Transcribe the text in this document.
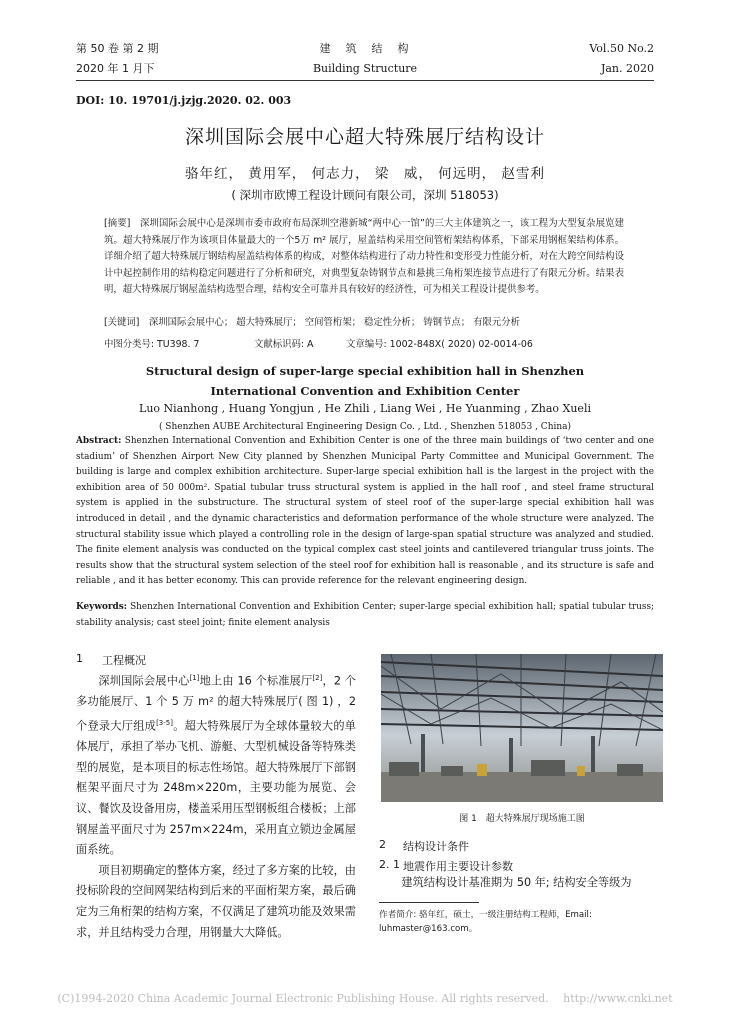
第 50 卷 第 2 期
2020 年 1 月下
建　筑　结　构
Building Structure
Vol.50 No.2
Jan. 2020
DOI: 10. 19701/j.jzjg.2020. 02. 003
深圳国际会展中心超大特殊展厅结构设计
骆年红， 黄用军， 何志力， 梁　威， 何远明， 赵雪利
( 深圳市欧博工程设计顾问有限公司，深圳 518053)
[摘要]　深圳国际会展中心是深圳市委市政府布局深圳空港新城“两中心一馆”的三大主体建筑之一，该工程为大型复杂展览建筑。超大特殊展厅作为该项目体量最大的一个5万 m² 展厅，屋盖结构采用空间管桁架结构体系，下部采用钢框架结构体系。详细介绍了超大特殊展厅钢结构屋盖结构体系的构成，对整体结构进行了动力特性和变形受力性能分析，对在大跨空间结构设计中起控制作用的结构稳定问题进行了分析和研究，对典型复杂铸钢节点和悬挑三角桁架连接节点进行了有限元分析。结果表明，超大特殊展厅钢屋盖结构选型合理，结构安全可靠并具有较好的经济性，可为相关工程设计提供参考。
[关键词]　深圳国际会展中心； 超大特殊展厅； 空间管桁架； 稳定性分析； 铸钢节点； 有限元分析
中图分类号: TU398. 7	文献标识码: A	文章编号: 1002-848X( 2020) 02-0014-06
Structural design of super-large special exhibition hall in Shenzhen International Convention and Exhibition Center
Luo Nianhong , Huang Yongjun , He Zhili , Liang Wei , He Yuanming , Zhao Xueli
( Shenzhen AUBE Architectural Engineering Design Co. , Ltd. , Shenzhen 518053 , China)
Abstract: Shenzhen International Convention and Exhibition Center is one of the three main buildings of ‘two center and one stadium’ of Shenzhen Airport New City planned by Shenzhen Municipal Party Committee and Municipal Government. The building is large and complex exhibition architecture. Super-large special exhibition hall is the largest in the project with the exhibition area of 50 000m². Spatial tubular truss structural system is applied in the hall roof , and steel frame structural system is applied in the substructure. The structural system of steel roof of the super-large special exhibition hall was introduced in detail , and the dynamic characteristics and deformation performance of the whole structure were analyzed. The structural stability issue which played a controlling role in the design of large-span spatial structure was analyzed and studied. The finite element analysis was conducted on the typical complex cast steel joints and cantilevered triangular truss joints. The results show that the structural system selection of the steel roof for exhibition hall is reasonable , and its structure is safe and reliable , and it has better economy. This can provide reference for the relevant engineering design.
Keywords: Shenzhen International Convention and Exhibition Center; super-large special exhibition hall; spatial tubular truss; stability analysis; cast steel joint; finite element analysis
1 工程概况

深圳国际会展中心[1]地上由 16 个标准展厅[2]，2 个多功能展厅、1 个 5 万 m² 的超大特殊展厅( 图 1) ，2 个登录大厅组成[3-5]。超大特殊展厅为全球体量较大的单体展厅，承担了举办飞机、游艇、大型机械设备等特殊类型的展览，是本项目的标志性场馆。超大特殊展厅下部钢框架平面尺寸为 248m×220m，主要功能为展览、会议、餐饮及设备用房，楼盖采用压型钢板组合楼板；上部钢屋盖平面尺寸为 257m×224m，采用直立锁边金属屋面系统。

项目初期确定的整体方案，经过了多方案的比较，由投标阶段的空间网架结构到后来的平面桁架方案，最后确定为三角桁架的结构方案，不仅满足了建筑功能及效果需求，并且结构受力合理，用钢量大大降低。

图 1　超大特殊展厅现场施工图
2 结构设计条件
2. 1 地震作用主要设计参数

建筑结构设计基准期为 50 年; 结构安全等级为

作者简介: 骆年红，硕士，一级注册结构工程师，Email: luhmaster@163.com。
(C)1994-2020 China Academic Journal Electronic Publishing House. All rights reserved.　 http://www.cnki.net
